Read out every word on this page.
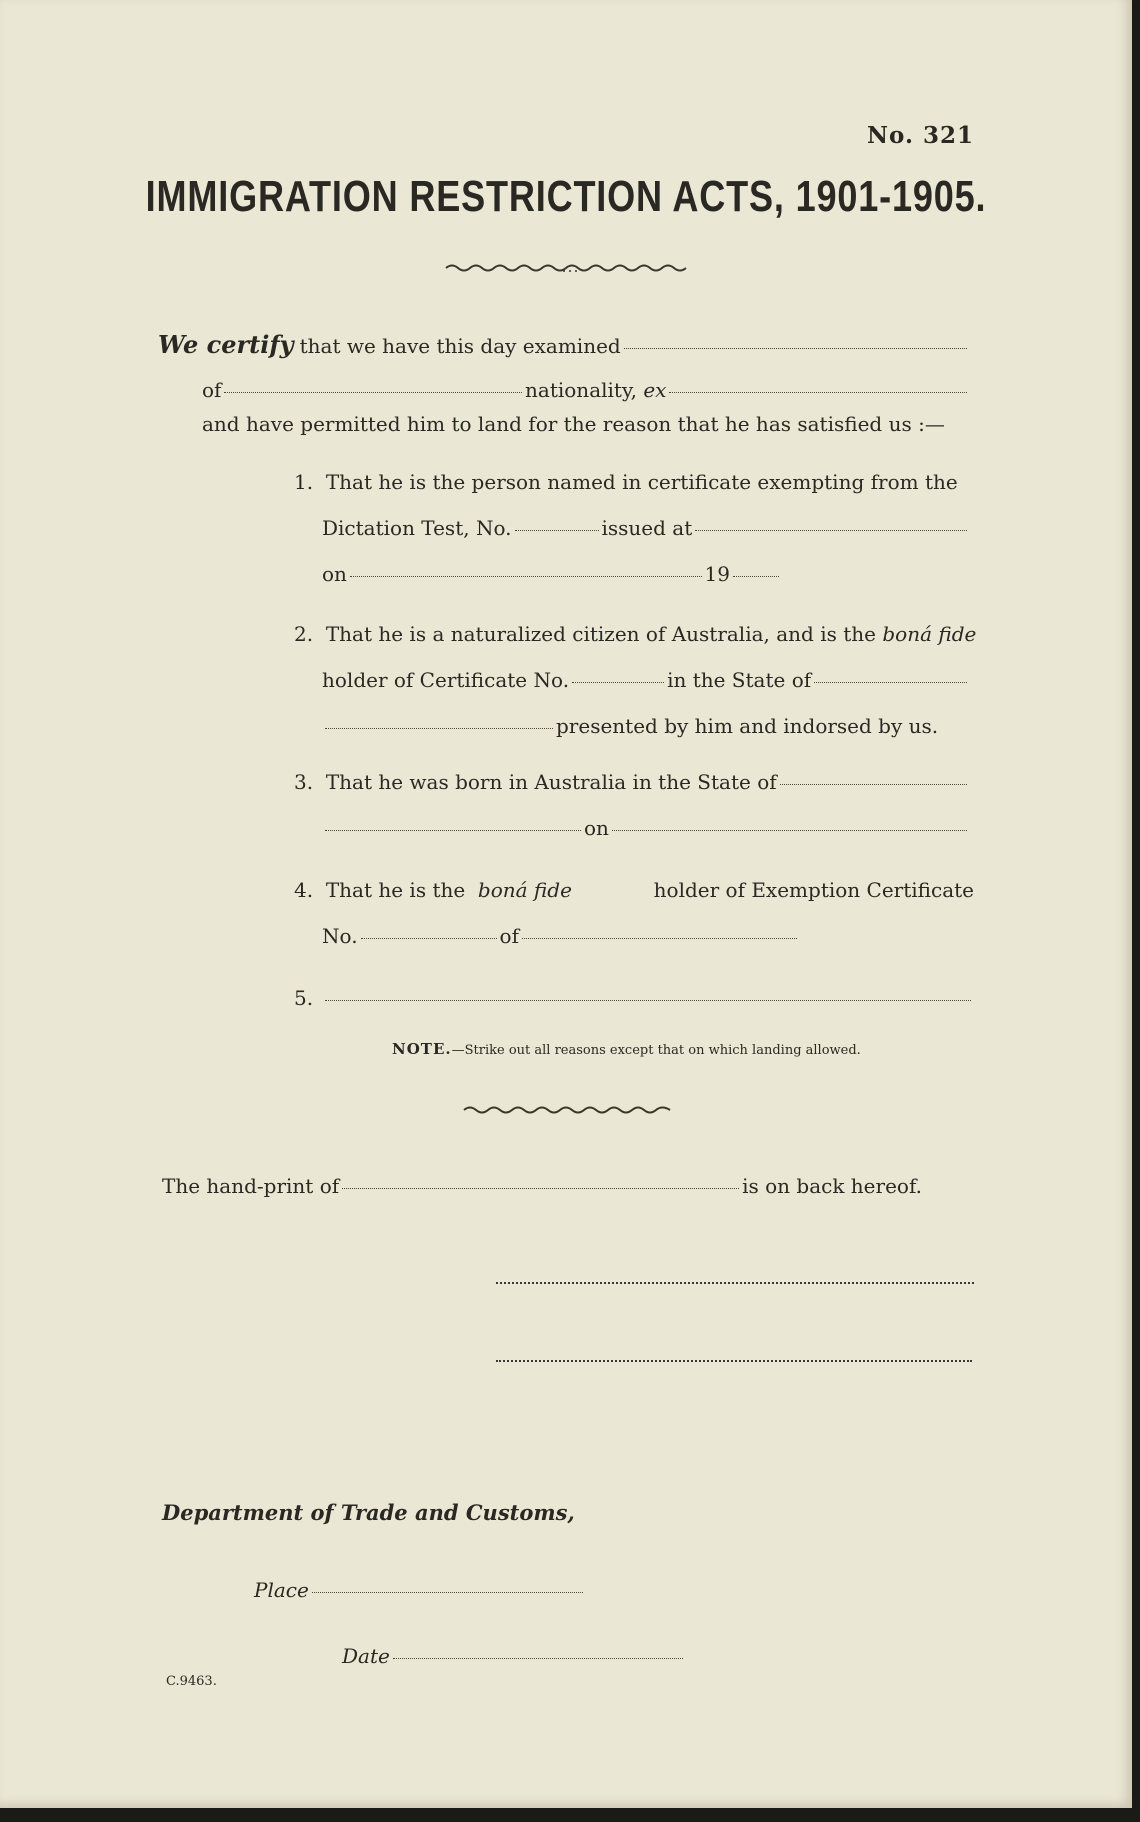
No. 321
IMMIGRATION RESTRICTION ACTS, 1901-1905.
We certify that we have this day examined
of	nationality,
ex
and have permitted him to land for the reason that he has satisfied us :—
1.
That he is the person named in certificate exempting from the
Dictation Test, No.	issued at
on	19
2.
That he is a naturalized citizen of Australia, and is the
boná fide
holder of Certificate No.	in the State of
presented by him and indorsed by us.
3.
That he was born in Australia in the State of
on
4. That he is the boná fide	holder of Exemption Certificate
No.	of
5.
NOTE.—Strike out all reasons except that on which landing allowed.
The hand-print of	is on back hereof.
Department of Trade and Customs,
Place
Date
C.9463.
